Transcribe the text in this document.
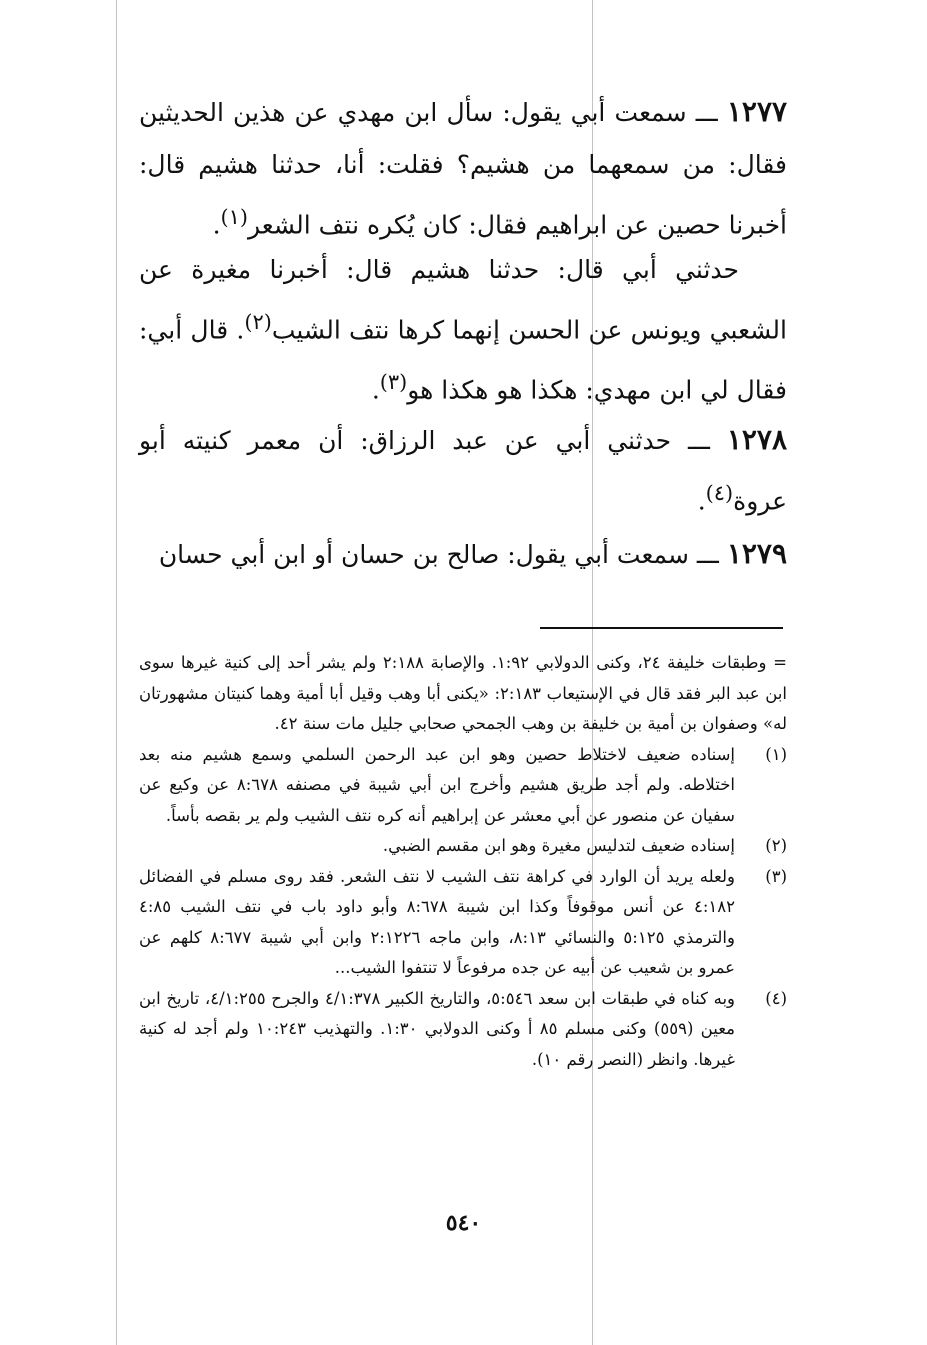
١٢٧٧ ـــ سمعت أبي يقول: سأل ابن مهدي عن هذين الحديثين فقال: من سمعهما من هشيم؟ فقلت: أنا، حدثنا هشيم قال: أخبرنا حصين عن ابراهيم فقال: كان يُكره نتف الشعر$^{(١)}$.
حدثني أبي قال: حدثنا هشيم قال: أخبرنا مغيرة عن الشعبي ويونس عن الحسن إنهما كرها نتف الشيب$^{(٢)}$. قال أبي: فقال لي ابن مهدي: هكذا هو هكذا هو$^{(٣)}$.
١٢٧٨ ـــ حدثني أبي عن عبد الرزاق: أن معمر كنيته أبو عروة$^{(٤)}$.
١٢٧٩ ـــ سمعت أبي يقول: صالح بن حسان أو ابن أبي حسان
= وطبقات خليفة ٢٤، وكنى الدولابي ١:٩٢. والإصابة ٢:١٨٨ ولم يشر أحد إلى كنية غيرها سوى ابن عبد البر فقد قال في الإستيعاب ٢:١٨٣: «يكنى أبا وهب وقيل أبا أمية وهما كنيتان مشهورتان له» وصفوان بن أمية بن خليفة بن وهب الجمحي صحابي جليل مات سنة ٤٢.
(١)
إسناده ضعيف لاختلاط حصين وهو ابن عبد الرحمن السلمي وسمع هشيم منه بعد اختلاطه. ولم أجد طريق هشيم وأخرج ابن أبي شيبة في مصنفه ٨:٦٧٨ عن وكيع عن سفيان عن منصور عن أبي معشر عن إبراهيم أنه كره نتف الشيب ولم ير بقصه بأساً.
(٢)
إسناده ضعيف لتدليس مغيرة وهو ابن مقسم الضبي.
(٣)
ولعله يريد أن الوارد في كراهة نتف الشيب لا نتف الشعر. فقد روى مسلم في الفضائل ٤:١٨٢ عن أنس موقوفاً وكذا ابن شيبة ٨:٦٧٨ وأبو داود باب في نتف الشيب ٤:٨٥ والترمذي ٥:١٢٥ والنسائي ٨:١٣، وابن ماجه ٢:١٢٢٦ وابن أبي شيبة ٨:٦٧٧ كلهم عن عمرو بن شعيب عن أبيه عن جده مرفوعاً لا تنتفوا الشيب...
(٤)
وبه كناه في طبقات ابن سعد ٥:٥٤٦، والتاريخ الكبير ٤/١:٣٧٨ والجرح ٤/١:٢٥٥، تاريخ ابن معين (٥٥٩) وكنى مسلم ٨٥ أ وكنى الدولابي ١:٣٠. والتهذيب ١٠:٢٤٣ ولم أجد له كنية غيرها. وانظر (النصر رقم ١٠).
٥٤٠
